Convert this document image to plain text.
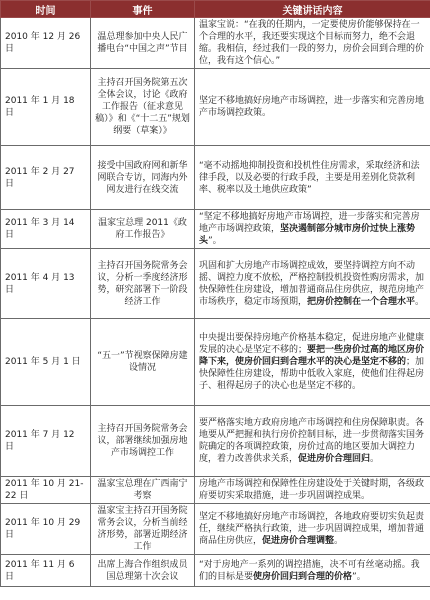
时间	事件	关键讲话内容
2010 年 12 月 26 日	温总理参加中央人民广播电台“中国之声”节目	温家宝说：“在我的任期内，一定要使房价能够保持在一个合理的水平，我还要实现这个目标而努力，绝不会退缩。我相信，经过我们一段的努力，房价会回到合理的价位，我有这个信心。”
2011 年 1 月 18 日	主持召开国务院第五次全体会议，讨论《政府工作报告（征求意见稿）》和《“十二五”规划纲要（草案）》	坚定不移地搞好房地产市场调控，进一步落实和完善房地产市场调控政策。
2011 年 2 月 27 日	接受中国政府网和新华网联合专访，同海内外网友进行在线交流	“毫不动摇地抑制投资和投机性住房需求，采取经济和法律手段，以及必要的行政手段，主要是用差别化贷款利率、税率以及土地供应政策”
2011 年 3 月 14 日	温家宝总理 2011《政府工作报告》	“坚定不移地搞好房地产市场调控，进一步落实和完善房地产市场调控政策，坚决遏制部分城市房价过快上涨势头”。
2011 年 4 月 13 日	主持召开国务院常务会议，分析一季度经济形势，研究部署下一阶段经济工作	巩固和扩大房地产市场调控成效，要坚持调控方向不动摇、调控力度不放松，严格控制投机投资性购房需求，加快保障性住房建设，增加普通商品住房供应，规范房地产市场秩序，稳定市场预期，把房价控制在一个合理水平。
2011 年 5 月 1 日	“五一”节视察保障房建设情况	中央提出要保持房地产价格基本稳定，促进房地产业健康发展的决心是坚定不移的；要把一些房价过高的地区房价降下来，使房价回归到合理水平的决心是坚定不移的；加快保障性住房建设，帮助中低收入家庭，使他们住得起房子、租得起房子的决心也是坚定不移的。
2011 年 7 月 12 日	主持召开国务院常务会议，部署继续加强房地产市场调控工作	要严格落实地方政府房地产市场调控和住房保障职责。各地要从严把握和执行房价控制目标，进一步贯彻落实国务院确定的各项调控政策，房价过高的地区要加大调控力度，着力改善供求关系，促进房价合理回归。
2011 年 10 月 21-22 日	温家宝总理在广西南宁考察	房地产市场调控和保障性住房建设处于关键时期，各级政府要切实采取措施，进一步巩固调控成果。
2011 年 10 月 29 日	温家宝主持召开国务院常务会议，分析当前经济形势，部署近期经济工作	坚定不移地搞好房地产市场调控，各地政府要切实负起责任，继续严格执行政策，进一步巩固调控成果，增加普通商品住房供应，促进房价合理调整。
2011 年 11 月 6 日	出席上海合作组织成员国总理第十次会议	“对于房地产一系列的调控措施，决不可有丝毫动摇。我们的目标是要使房价回归到合理的价格”。
